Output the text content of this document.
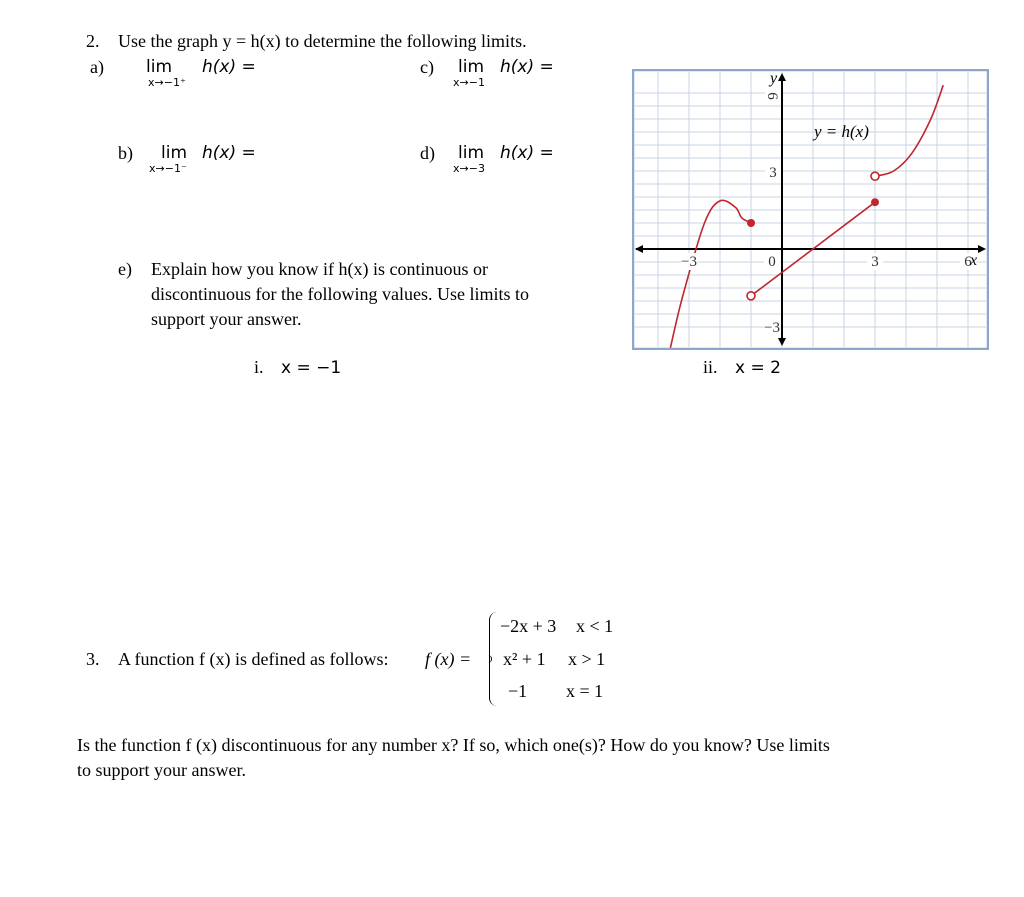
2. Use the graph y = h(x) to determine the following limits.
a) lim
x→−1⁺
h(x) =	c) lim
x→−1
h(x) =
b) lim
x→−1⁻
h(x) =	d) lim
x→−3
h(x) =
e) Explain how you know if h(x) is continuous or
discontinuous for the following values. Use limits to
support your answer.
i. x = −1	ii. x = 2
6
3
0
−3
−3	3	6
y = h(x)
y
x
3. A function f (x) is defined as follows: f (x) =
−2x + 3 x < 1
x² + 1 x > 1
−1 x = 1
Is the function f (x) discontinuous for any number x? If so, which one(s)? How do you know? Use limits
to support your answer.
